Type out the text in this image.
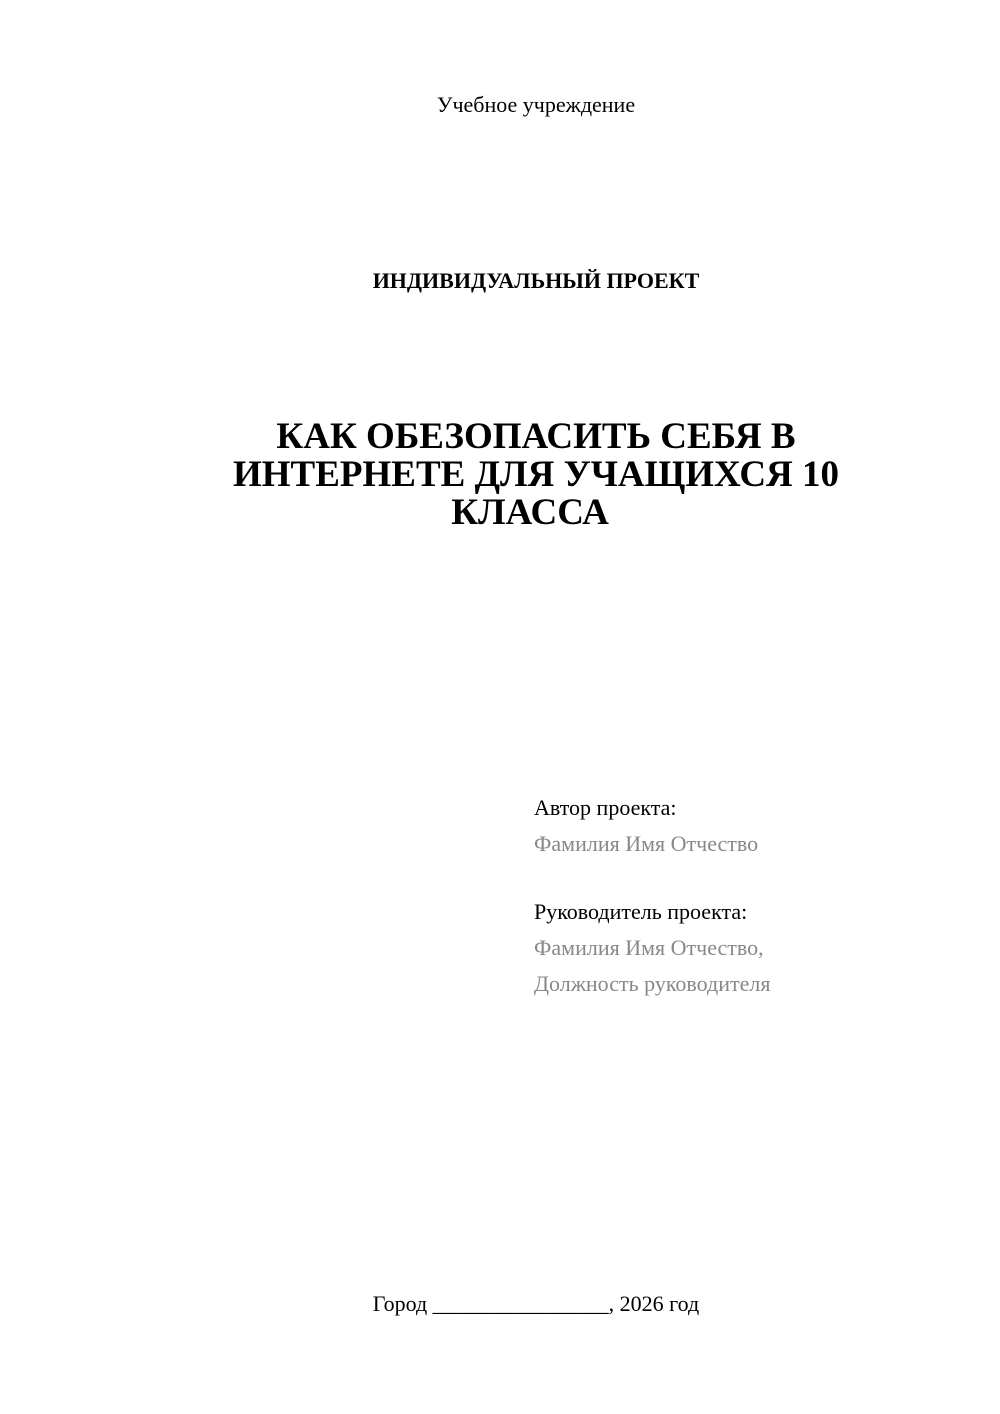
Учебное учреждение
ИНДИВИДУАЛЬНЫЙ ПРОЕКТ
КАК ОБЕЗОПАСИТЬ СЕБЯ В
ИНТЕРНЕТЕ ДЛЯ УЧАЩИХСЯ 10
КЛАССА
Автор проекта:
Фамилия Имя Отчество
Руководитель проекта:
Фамилия Имя Отчество,
Должность руководителя
Город ________________, 2026 год
